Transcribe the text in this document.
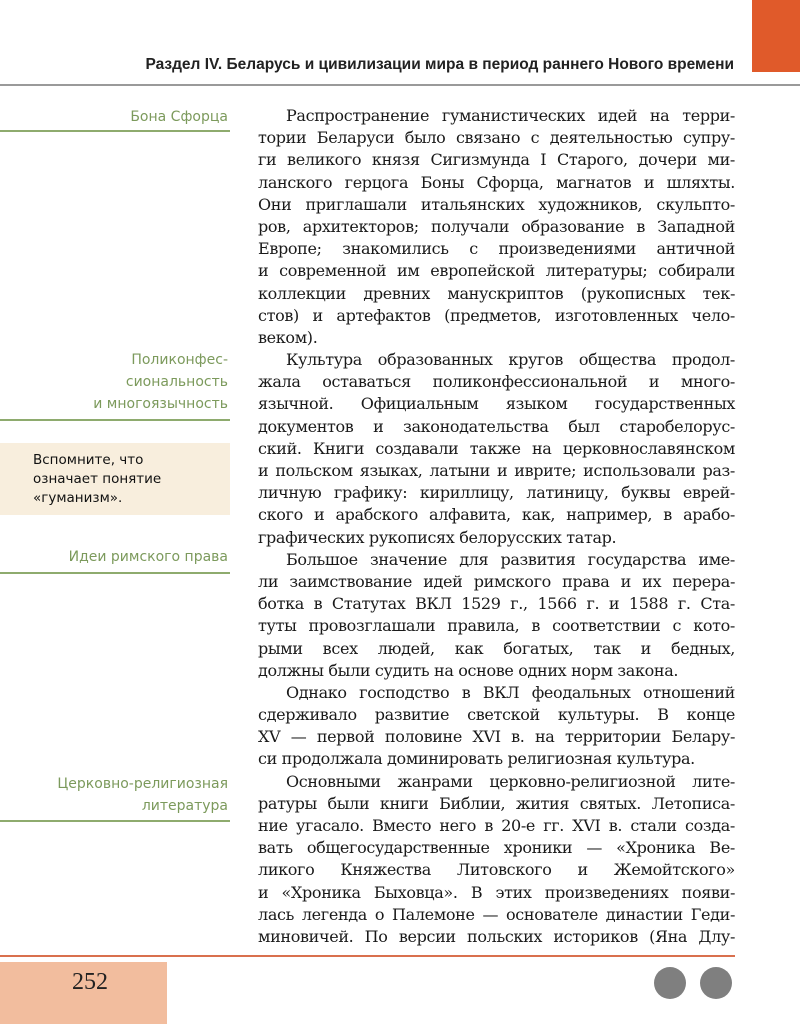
Раздел IV. Беларусь и цивилизации мира в период раннего Нового времени
Бона Сфорца
Поликонфес-
сиональность
и многоязычность
Вспомните, что
означает понятие
«гуманизм».
Идеи римского права
Церковно-религиозная
литература
Распространение гуманистических идей на терри-
тории Беларуси было связано с деятельностью супру-
ги великого князя Сигизмунда I Старого, дочери ми-
ланского герцога Боны Сфорца, магнатов и шляхты.
Они приглашали итальянских художников, скульпто-
ров, архитекторов; получали образование в Западной
Европе; знакомились с произведениями античной
и современной им европейской литературы; собирали
коллекции древних манускриптов (рукописных тек-
стов) и артефактов (предметов, изготовленных чело-
веком).
Культура образованных кругов общества продол-
жала оставаться поликонфессиональной и много-
язычной. Официальным языком государственных
документов и законодательства был старобелорус-
ский. Книги создавали также на церковнославянском
и польском языках, латыни и иврите; использовали раз-
личную графику: кириллицу, латиницу, буквы еврей-
ского и арабского алфавита, как, например, в арабо-
графических рукописях белорусских татар.
Большое значение для развития государства име-
ли заимствование идей римского права и их перера-
ботка в Статутах ВКЛ 1529 г., 1566 г. и 1588 г. Ста-
туты провозглашали правила, в соответствии с кото-
рыми всех людей, как богатых, так и бедных,
должны были судить на основе одних норм закона.
Однако господство в ВКЛ феодальных отношений
сдерживало развитие светской культуры. В конце
XV — первой половине XVI в. на территории Белару-
си продолжала доминировать религиозная культура.
Основными жанрами церковно-религиозной лите-
ратуры были книги Библии, жития святых. Летописа-
ние угасало. Вместо него в 20-е гг. XVI в. стали созда-
вать общегосударственные хроники — «Хроника Ве-
ликого Княжества Литовского и Жемойтского»
и «Хроника Быховца». В этих произведениях появи-
лась легенда о Палемоне — основателе династии Геди-
миновичей. По версии польских историков (Яна Длу-
252
